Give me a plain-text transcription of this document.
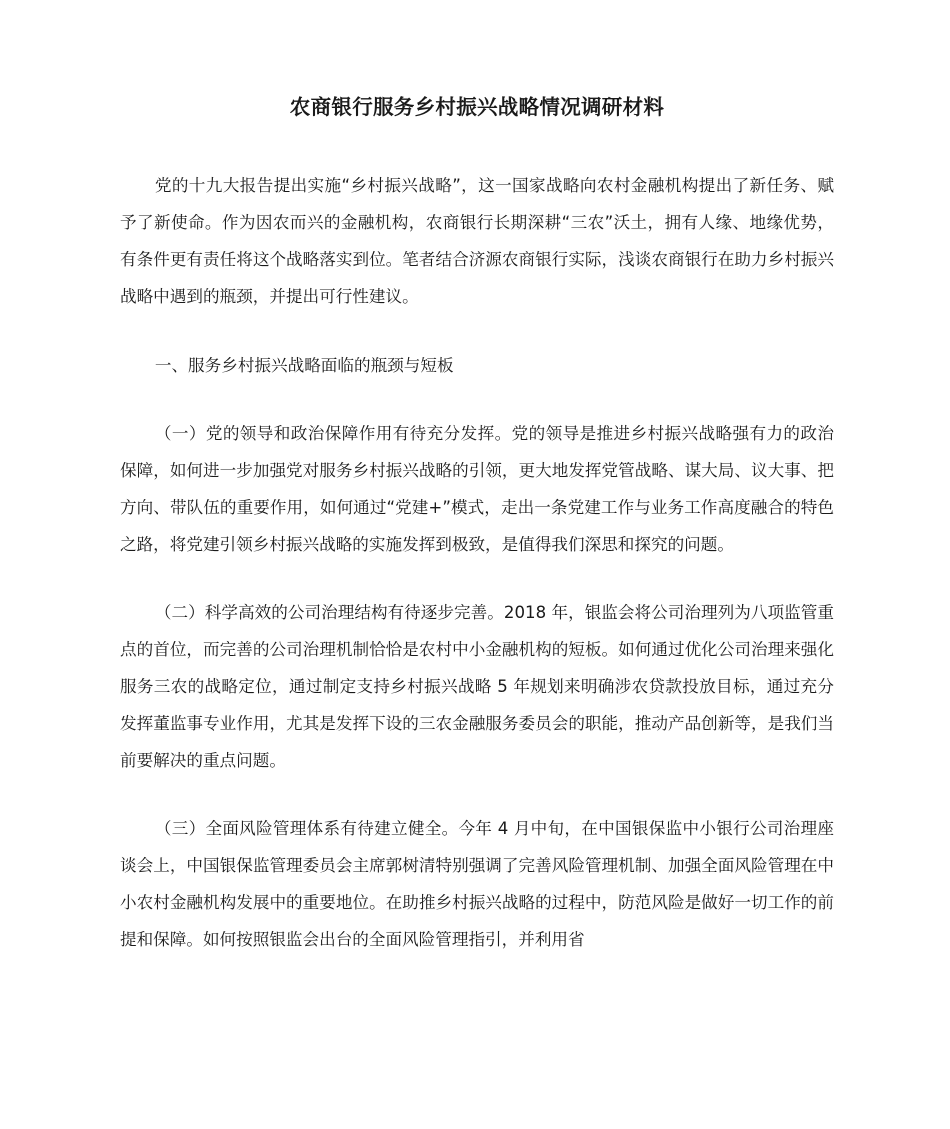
农商银行服务乡村振兴战略情况调研材料

党的十九大报告提出实施“乡村振兴战略”，这一国家战略向农村金融机构提出了新任务、赋予了新使命。作为因农而兴的金融机构，农商银行长期深耕“三农”沃土，拥有人缘、地缘优势，有条件更有责任将这个战略落实到位。笔者结合济源农商银行实际，浅谈农商银行在助力乡村振兴战略中遇到的瓶颈，并提出可行性建议。

一、服务乡村振兴战略面临的瓶颈与短板

（一）党的领导和政治保障作用有待充分发挥。党的领导是推进乡村振兴战略强有力的政治保障，如何进一步加强党对服务乡村振兴战略的引领，更大地发挥党管战略、谋大局、议大事、把方向、带队伍的重要作用，如何通过“党建+”模式，走出一条党建工作与业务工作高度融合的特色之路，将党建引领乡村振兴战略的实施发挥到极致，是值得我们深思和探究的问题。

（二）科学高效的公司治理结构有待逐步完善。2018 年，银监会将公司治理列为八项监管重点的首位，而完善的公司治理机制恰恰是农村中小金融机构的短板。如何通过优化公司治理来强化服务三农的战略定位，通过制定支持乡村振兴战略 5 年规划来明确涉农贷款投放目标，通过充分发挥董监事专业作用，尤其是发挥下设的三农金融服务委员会的职能，推动产品创新等，是我们当前要解决的重点问题。

（三）全面风险管理体系有待建立健全。今年 4 月中旬，在中国银保监中小银行公司治理座谈会上，中国银保监管理委员会主席郭树清特别强调了完善风险管理机制、加强全面风险管理在中小农村金融机构发展中的重要地位。在助推乡村振兴战略的过程中，防范风险是做好一切工作的前提和保障。如何按照银监会出台的全面风险管理指引，并利用省
